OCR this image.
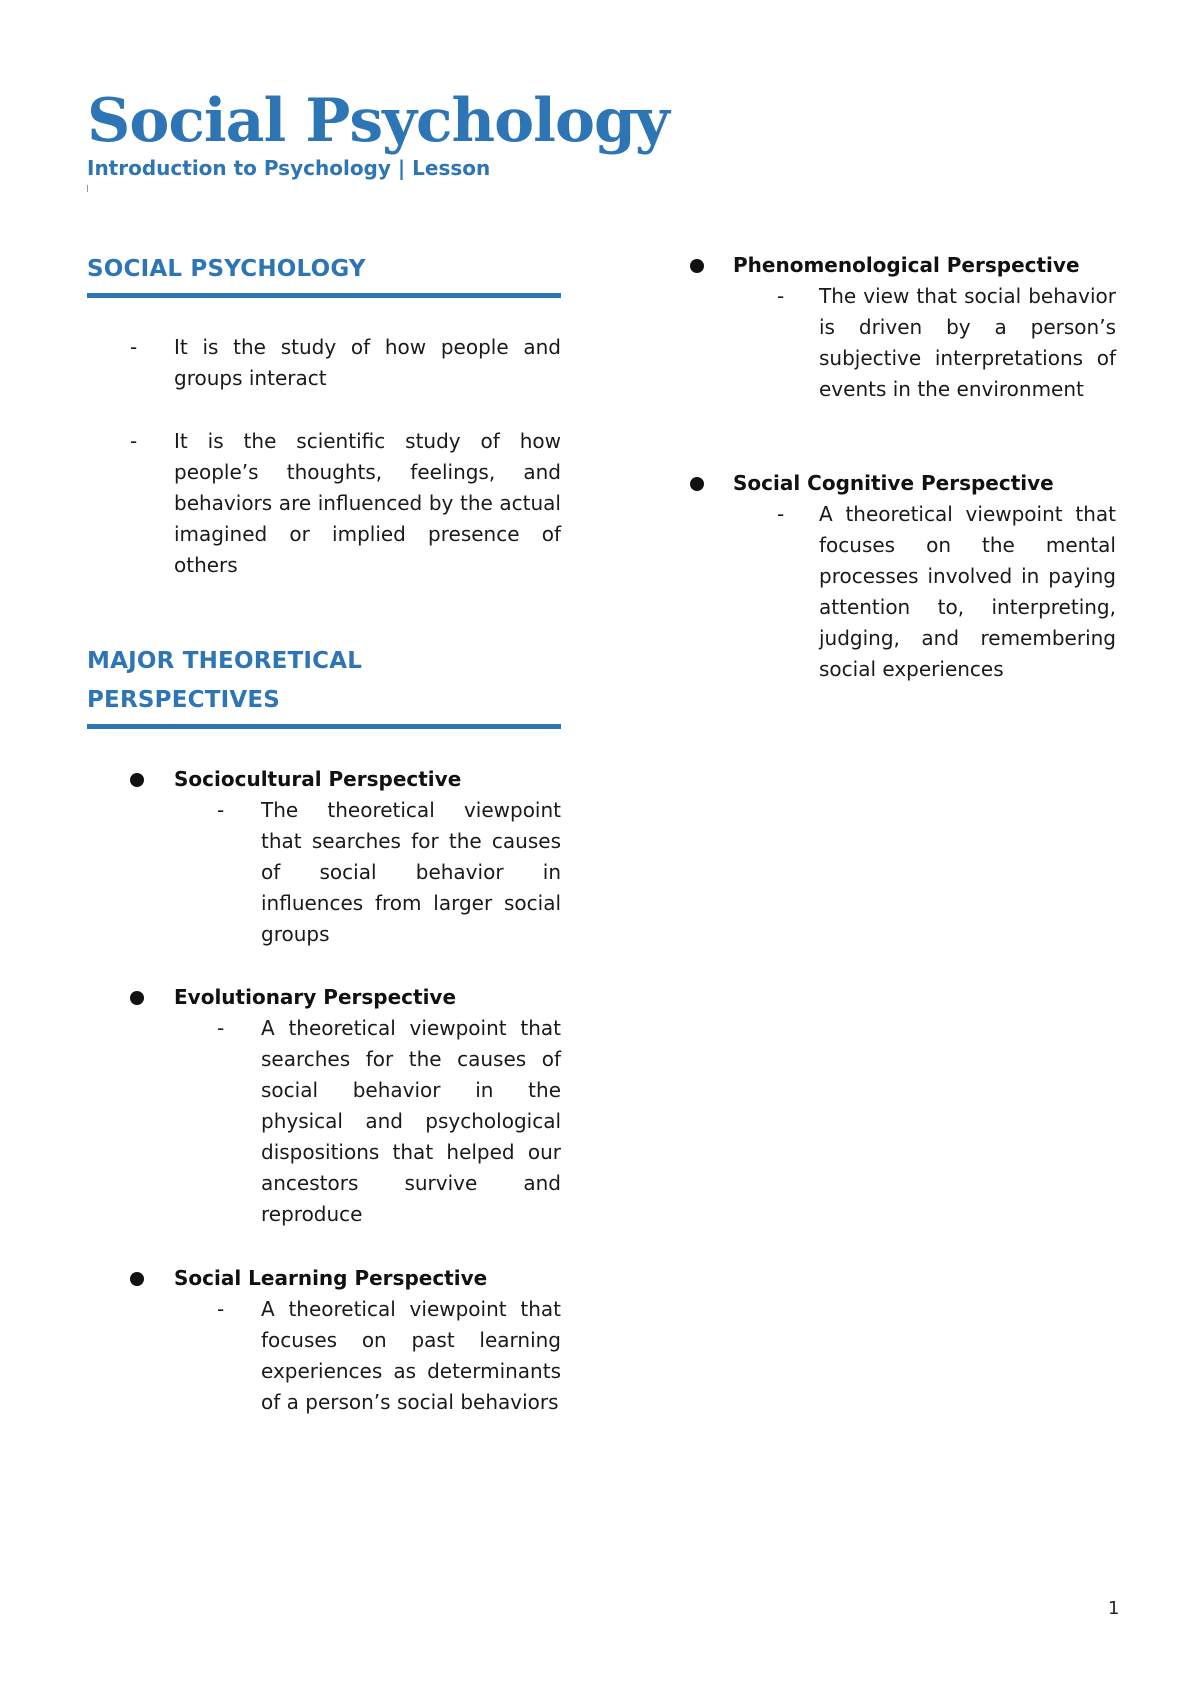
Social Psychology
Introduction to Psychology | Lesson
SOCIAL PSYCHOLOGY
- It is the study of how people and groups interact
- It is the scientific study of how people’s thoughts, feelings, and behaviors are influenced by the actual imagined or implied presence of others
MAJOR THEORETICAL PERSPECTIVES
Sociocultural Perspective
- The theoretical viewpoint that searches for the causes of social behavior in influences from larger social groups
Evolutionary Perspective
- A theoretical viewpoint that searches for the causes of social behavior in the physical and psychological dispositions that helped our ancestors survive and reproduce
Social Learning Perspective
- A theoretical viewpoint that focuses on past learning experiences as determinants of a person’s social behaviors
Phenomenological Perspective
- The view that social behavior is driven by a person’s subjective interpretations of events in the environment
Social Cognitive Perspective
- A theoretical viewpoint that focuses on the mental processes involved in paying attention to, interpreting, judging, and remembering social experiences
1
